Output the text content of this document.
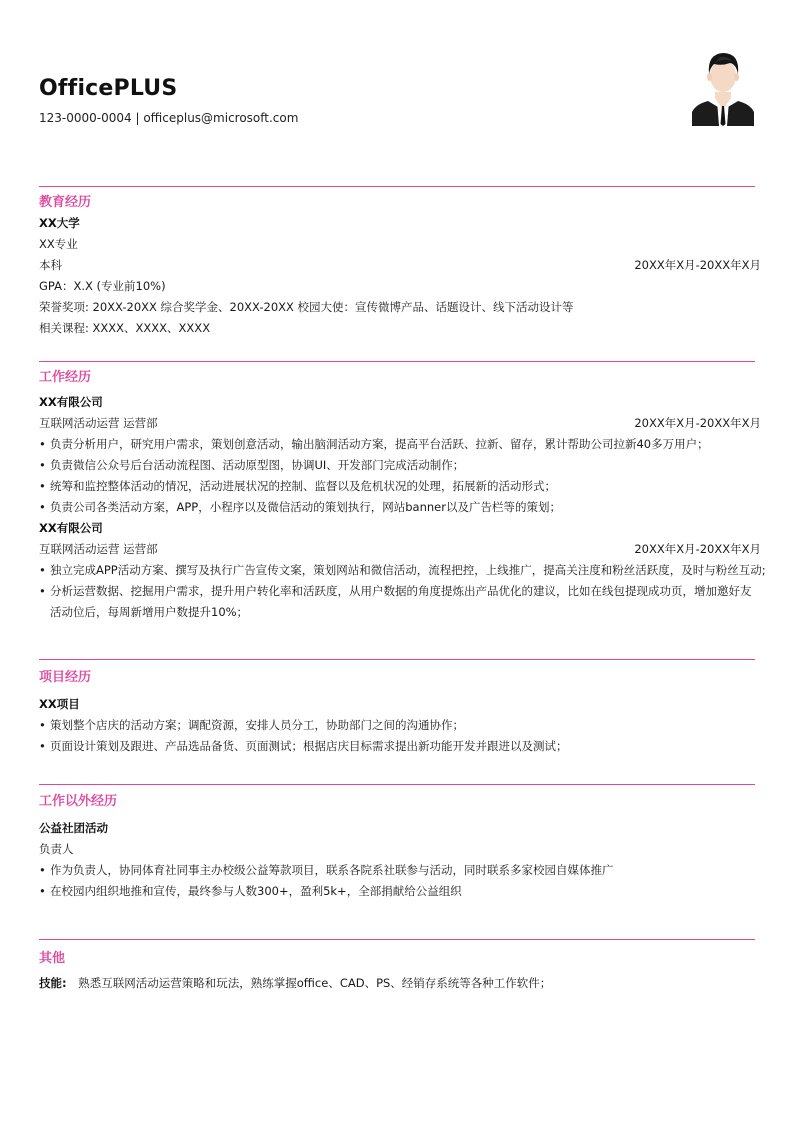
OfficePLUS
123-0000-0004 | officeplus@microsoft.com
教育经历
XX大学
XX专业
本科	20XX年X月-20XX年X月
GPA：X.X (专业前10%)
荣誉奖项: 20XX-20XX 综合奖学金、20XX-20XX 校园大使：宣传微博产品、话题设计、线下活动设计等
相关课程: XXXX、XXXX、XXXX
工作经历
XX有限公司
互联网活动运营 运营部	20XX年X月-20XX年X月
• 负责分析用户，研究用户需求，策划创意活动，输出脑洞活动方案，提高平台活跃、拉新、留存，累计帮助公司拉新40多万用户；
• 负责微信公众号后台活动流程图、活动原型图，协调UI、开发部门完成活动制作；
• 统筹和监控整体活动的情况，活动进展状况的控制、监督以及危机状况的处理，拓展新的活动形式；
• 负责公司各类活动方案，APP，小程序以及微信活动的策划执行，网站banner以及广告栏等的策划；
XX有限公司
互联网活动运营 运营部	20XX年X月-20XX年X月
• 独立完成APP活动方案、撰写及执行广告宣传文案，策划网站和微信活动，流程把控，上线推广，提高关注度和粉丝活跃度，及时与粉丝互动;
• 分析运营数据、挖掘用户需求，提升用户转化率和活跃度，从用户数据的角度提炼出产品优化的建议，比如在线包提现成功页，增加邀好友活动位后，每周新增用户数提升10%；
项目经历
XX项目
• 策划整个店庆的活动方案；调配资源，安排人员分工，协助部门之间的沟通协作；
• 页面设计策划及跟进、产品选品备货、页面测试；根据店庆目标需求提出新功能开发并跟进以及测试；
工作以外经历
公益社团活动
负责人
• 作为负责人，协同体育社同事主办校级公益筹款项目，联系各院系社联参与活动，同时联系多家校园自媒体推广
• 在校园内组织地推和宣传，最终参与人数300+，盈利5k+，全部捐献给公益组织
其他
技能: 熟悉互联网活动运营策略和玩法，熟练掌握office、CAD、PS、经销存系统等各种工作软件；
